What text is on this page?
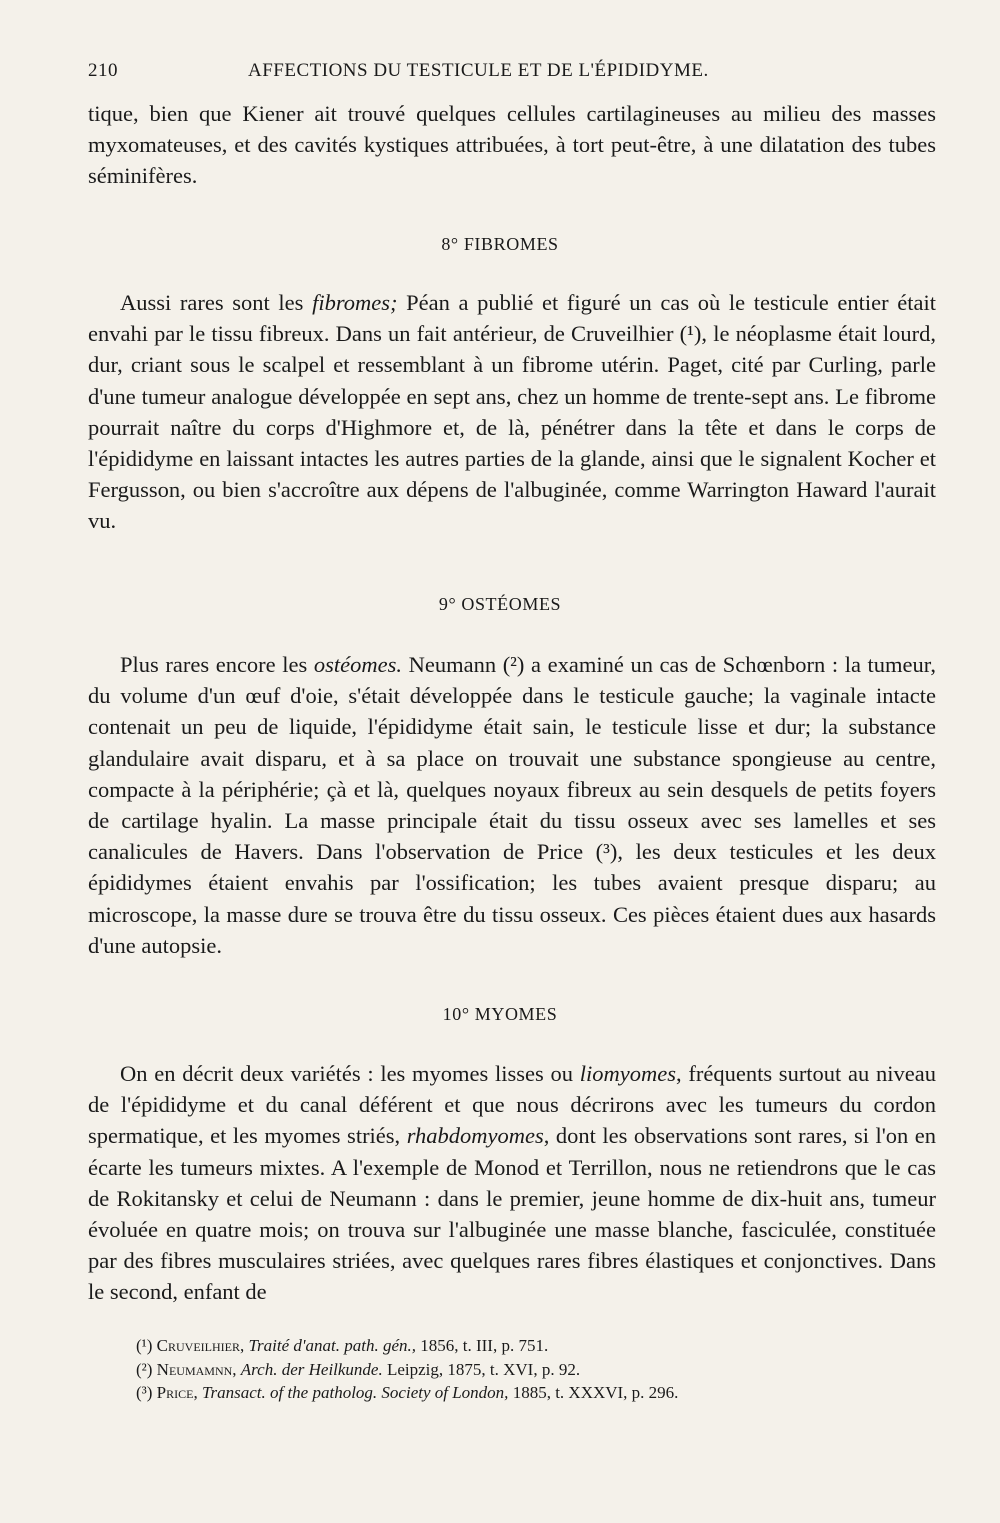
210	AFFECTIONS DU TESTICULE ET DE L'ÉPIDIDYME.

tique, bien que Kiener ait trouvé quelques cellules cartilagineuses au milieu des masses myxomateuses, et des cavités kystiques attribuées, à tort peut-être, à une dilatation des tubes séminifères.

8° FIBROMES

Aussi rares sont les fibromes; Péan a publié et figuré un cas où le testicule entier était envahi par le tissu fibreux. Dans un fait antérieur, de Cruveilhier (¹), le néoplasme était lourd, dur, criant sous le scalpel et ressemblant à un fibrome utérin. Paget, cité par Curling, parle d'une tumeur analogue développée en sept ans, chez un homme de trente-sept ans. Le fibrome pourrait naître du corps d'Highmore et, de là, pénétrer dans la tête et dans le corps de l'épididyme en laissant intactes les autres parties de la glande, ainsi que le signalent Kocher et Fergusson, ou bien s'accroître aux dépens de l'albuginée, comme Warrington Haward l'aurait vu.

9° OSTÉOMES

Plus rares encore les ostéomes. Neumann (²) a examiné un cas de Schœnborn : la tumeur, du volume d'un œuf d'oie, s'était développée dans le testicule gauche; la vaginale intacte contenait un peu de liquide, l'épididyme était sain, le testicule lisse et dur; la substance glandulaire avait disparu, et à sa place on trouvait une substance spongieuse au centre, compacte à la périphérie; çà et là, quelques noyaux fibreux au sein desquels de petits foyers de cartilage hyalin. La masse principale était du tissu osseux avec ses lamelles et ses canalicules de Havers. Dans l'observation de Price (³), les deux testicules et les deux épididymes étaient envahis par l'ossification; les tubes avaient presque disparu; au microscope, la masse dure se trouva être du tissu osseux. Ces pièces étaient dues aux hasards d'une autopsie.

10° MYOMES

On en décrit deux variétés : les myomes lisses ou liomyomes, fréquents surtout au niveau de l'épididyme et du canal déférent et que nous décrirons avec les tumeurs du cordon spermatique, et les myomes striés, rhabdomyomes, dont les observations sont rares, si l'on en écarte les tumeurs mixtes. A l'exemple de Monod et Terrillon, nous ne retiendrons que le cas de Rokitansky et celui de Neumann : dans le premier, jeune homme de dix-huit ans, tumeur évoluée en quatre mois; on trouva sur l'albuginée une masse blanche, fasciculée, constituée par des fibres musculaires striées, avec quelques rares fibres élastiques et conjonctives. Dans le second, enfant de

(¹) Cruveilhier, Traité d'anat. path. gén., 1856, t. III, p. 751.
(²) Neumamnn, Arch. der Heilkunde. Leipzig, 1875, t. XVI, p. 92.
(³) Price, Transact. of the patholog. Society of London, 1885, t. XXXVI, p. 296.
